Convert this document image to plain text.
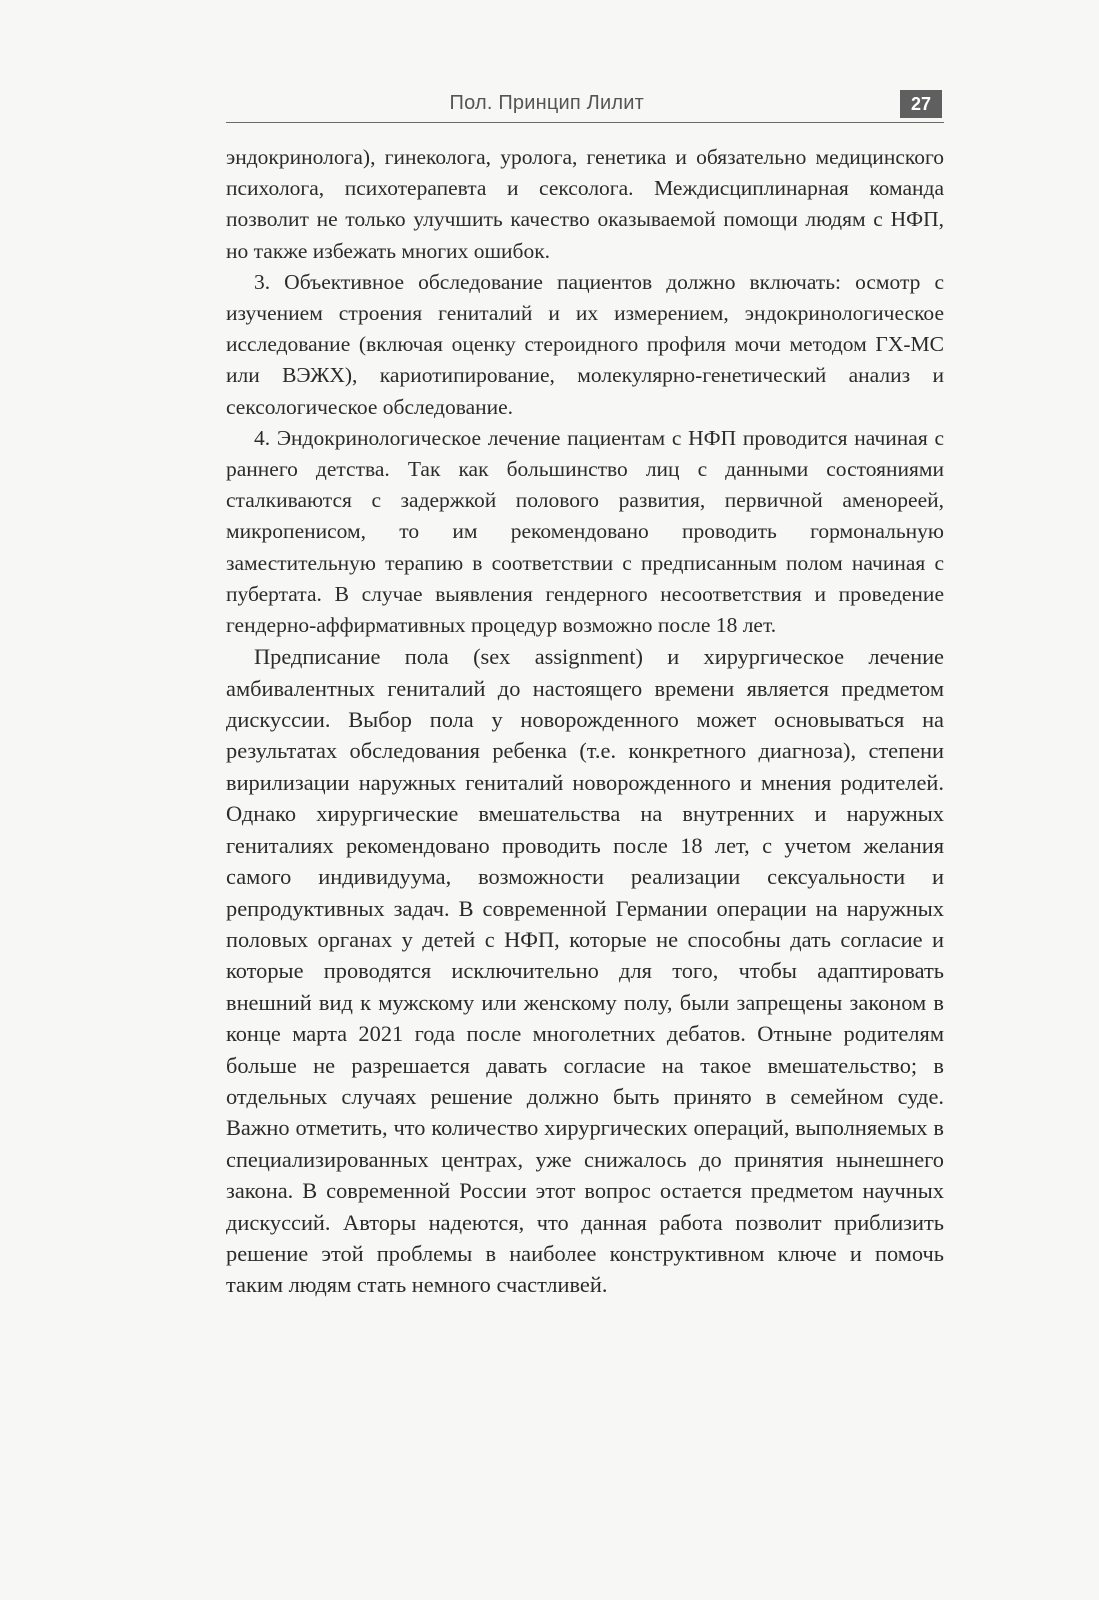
Пол. Принцип Лилит	27

эндокринолога), гинеколога, уролога, генетика и обязательно медицинского психолога, психотерапевта и сексолога. Междисциплинарная команда позволит не только улучшить качество оказываемой помощи людям с НФП, но также избежать многих ошибок.

3. Объективное обследование пациентов должно включать: осмотр с изучением строения гениталий и их измерением, эндокринологическое исследование (включая оценку стероидного профиля мочи методом ГХ-МС или ВЭЖХ), кариотипирование, молекулярно-генетический анализ и сексологическое обследование.

4. Эндокринологическое лечение пациентам с НФП проводится начиная с раннего детства. Так как большинство лиц с данными состояниями сталкиваются с задержкой полового развития, первичной аменореей, микропенисом, то им рекомендовано проводить гормональную заместительную терапию в соответствии с предписанным полом начиная с пубертата. В случае выявления гендерного несоответствия и проведение гендерно-аффирмативных процедур возможно после 18 лет.

Предписание пола (sex assignment) и хирургическое лечение амбивалентных гениталий до настоящего времени является предметом дискуссии. Выбор пола у новорожденного может основываться на результатах обследования ребенка (т.е. конкретного диагноза), степени вирилизации наружных гениталий новорожденного и мнения родителей. Однако хирургические вмешательства на внутренних и наружных гениталиях рекомендовано проводить после 18 лет, с учетом желания самого индивидуума, возможности реализации сексуальности и репродуктивных задач. В современной Германии операции на наружных половых органах у детей с НФП, которые не способны дать согласие и которые проводятся исключительно для того, чтобы адаптировать внешний вид к мужскому или женскому полу, были запрещены законом в конце марта 2021 года после многолетних дебатов. Отныне родителям больше не разрешается давать согласие на такое вмешательство; в отдельных случаях решение должно быть принято в семейном суде. Важно отметить, что количество хирургических операций, выполняемых в специализированных центрах, уже снижалось до принятия нынешнего закона. В современной России этот вопрос остается предметом научных дискуссий. Авторы надеются, что данная работа позволит приблизить решение этой проблемы в наиболее конструктивном ключе и помочь таким людям стать немного счастливей.
